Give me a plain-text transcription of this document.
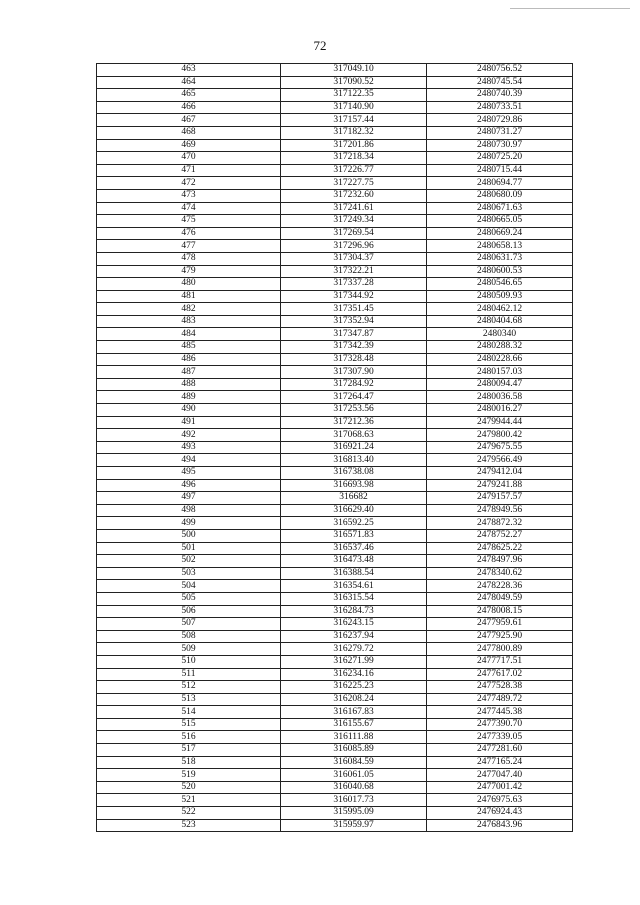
72
463	317049.10	2480756.52
464	317090.52	2480745.54
465	317122.35	2480740.39
466	317140.90	2480733.51
467	317157.44	2480729.86
468	317182.32	2480731.27
469	317201.86	2480730.97
470	317218.34	2480725.20
471	317226.77	2480715.44
472	317227.75	2480694.77
473	317232.60	2480680.09
474	317241.61	2480671.63
475	317249.34	2480665.05
476	317269.54	2480669.24
477	317296.96	2480658.13
478	317304.37	2480631.73
479	317322.21	2480600.53
480	317337.28	2480546.65
481	317344.92	2480509.93
482	317351.45	2480462.12
483	317352.94	2480404.68
484	317347.87	2480340
485	317342.39	2480288.32
486	317328.48	2480228.66
487	317307.90	2480157.03
488	317284.92	2480094.47
489	317264.47	2480036.58
490	317253.56	2480016.27
491	317212.36	2479944.44
492	317068.63	2479800.42
493	316921.24	2479675.55
494	316813.40	2479566.49
495	316738.08	2479412.04
496	316693.98	2479241.88
497	316682	2479157.57
498	316629.40	2478949.56
499	316592.25	2478872.32
500	316571.83	2478752.27
501	316537.46	2478625.22
502	316473.48	2478497.96
503	316388.54	2478340.62
504	316354.61	2478228.36
505	316315.54	2478049.59
506	316284.73	2478008.15
507	316243.15	2477959.61
508	316237.94	2477925.90
509	316279.72	2477800.89
510	316271.99	2477717.51
511	316234.16	2477617.02
512	316225.23	2477528.38
513	316208.24	2477489.72
514	316167.83	2477445.38
515	316155.67	2477390.70
516	316111.88	2477339.05
517	316085.89	2477281.60
518	316084.59	2477165.24
519	316061.05	2477047.40
520	316040.68	2477001.42
521	316017.73	2476975.63
522	315995.09	2476924.43
523	315959.97	2476843.96
